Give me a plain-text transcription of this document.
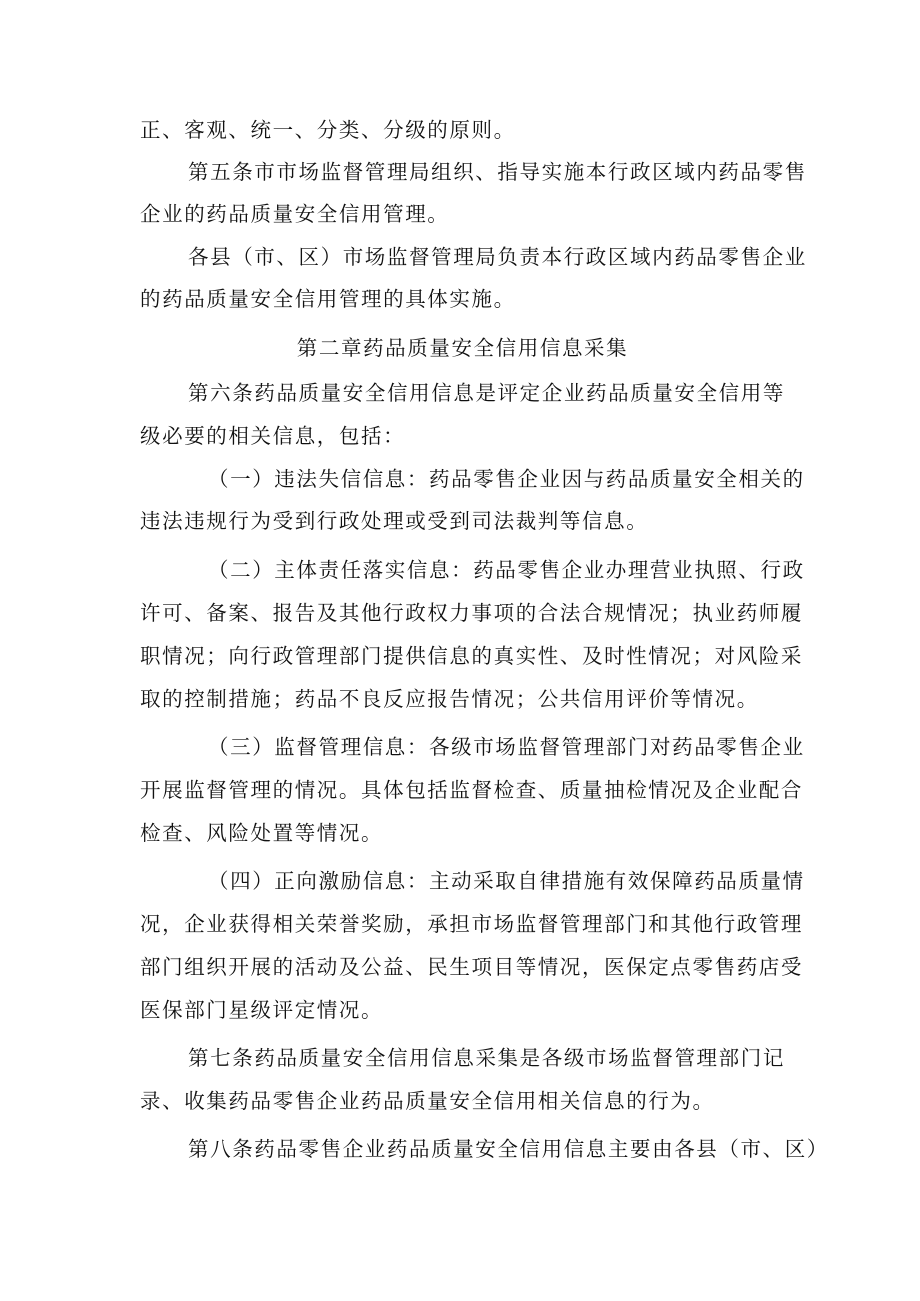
正、客观、统一、分类、分级的原则。
第五条市市场监督管理局组织、指导实施本行政区域内药品零售
企业的药品质量安全信用管理。
各县（市、区）市场监督管理局负责本行政区域内药品零售企业
的药品质量安全信用管理的具体实施。
第二章药品质量安全信用信息采集
第六条药品质量安全信用信息是评定企业药品质量安全信用等
级必要的相关信息，包括：
（一）违法失信信息：药品零售企业因与药品质量安全相关的
违法违规行为受到行政处理或受到司法裁判等信息。
（二）主体责任落实信息：药品零售企业办理营业执照、行政
许可、备案、报告及其他行政权力事项的合法合规情况；执业药师履
职情况；向行政管理部门提供信息的真实性、及时性情况；对风险采
取的控制措施；药品不良反应报告情况；公共信用评价等情况。
（三）监督管理信息：各级市场监督管理部门对药品零售企业
开展监督管理的情况。具体包括监督检查、质量抽检情况及企业配合
检查、风险处置等情况。
（四）正向激励信息：主动采取自律措施有效保障药品质量情
况，企业获得相关荣誉奖励，承担市场监督管理部门和其他行政管理
部门组织开展的活动及公益、民生项目等情况，医保定点零售药店受
医保部门星级评定情况。
第七条药品质量安全信用信息采集是各级市场监督管理部门记
录、收集药品零售企业药品质量安全信用相关信息的行为。
第八条药品零售企业药品质量安全信用信息主要由各县（市、区）
